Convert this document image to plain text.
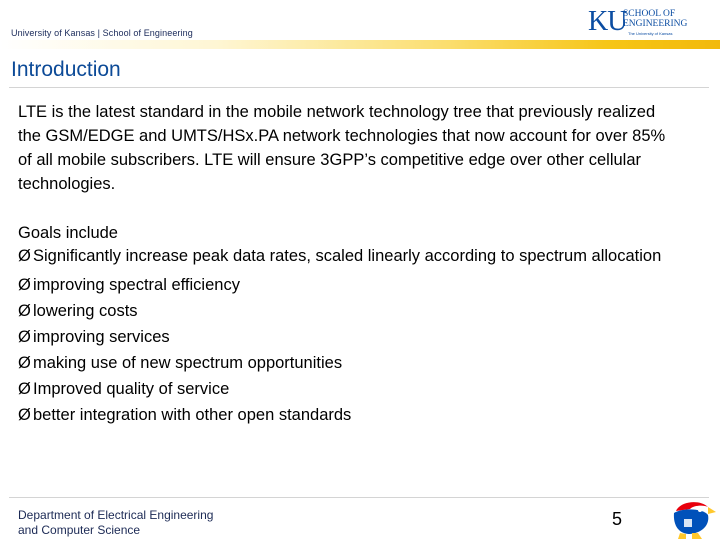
University of Kansas | School of Engineering	KU
SCHOOL OF
ENGINEERING
The University of Kansas
Introduction
LTE is the latest standard in the mobile network technology tree that previously realized the GSM/EDGE and UMTS/HSx.PA network technologies that now account for over 85% of all mobile subscribers. LTE will ensure 3GPP’s competitive edge over other cellular technologies.
Goals include
Ø Significantly increase peak data rates, scaled linearly according to spectrum allocation
Ø improving spectral efficiency
Ø lowering costs
Ø improving services
Ø making use of new spectrum opportunities
Ø Improved quality of service
Ø better integration with other open standards
Department of Electrical Engineering
and Computer Science
5
